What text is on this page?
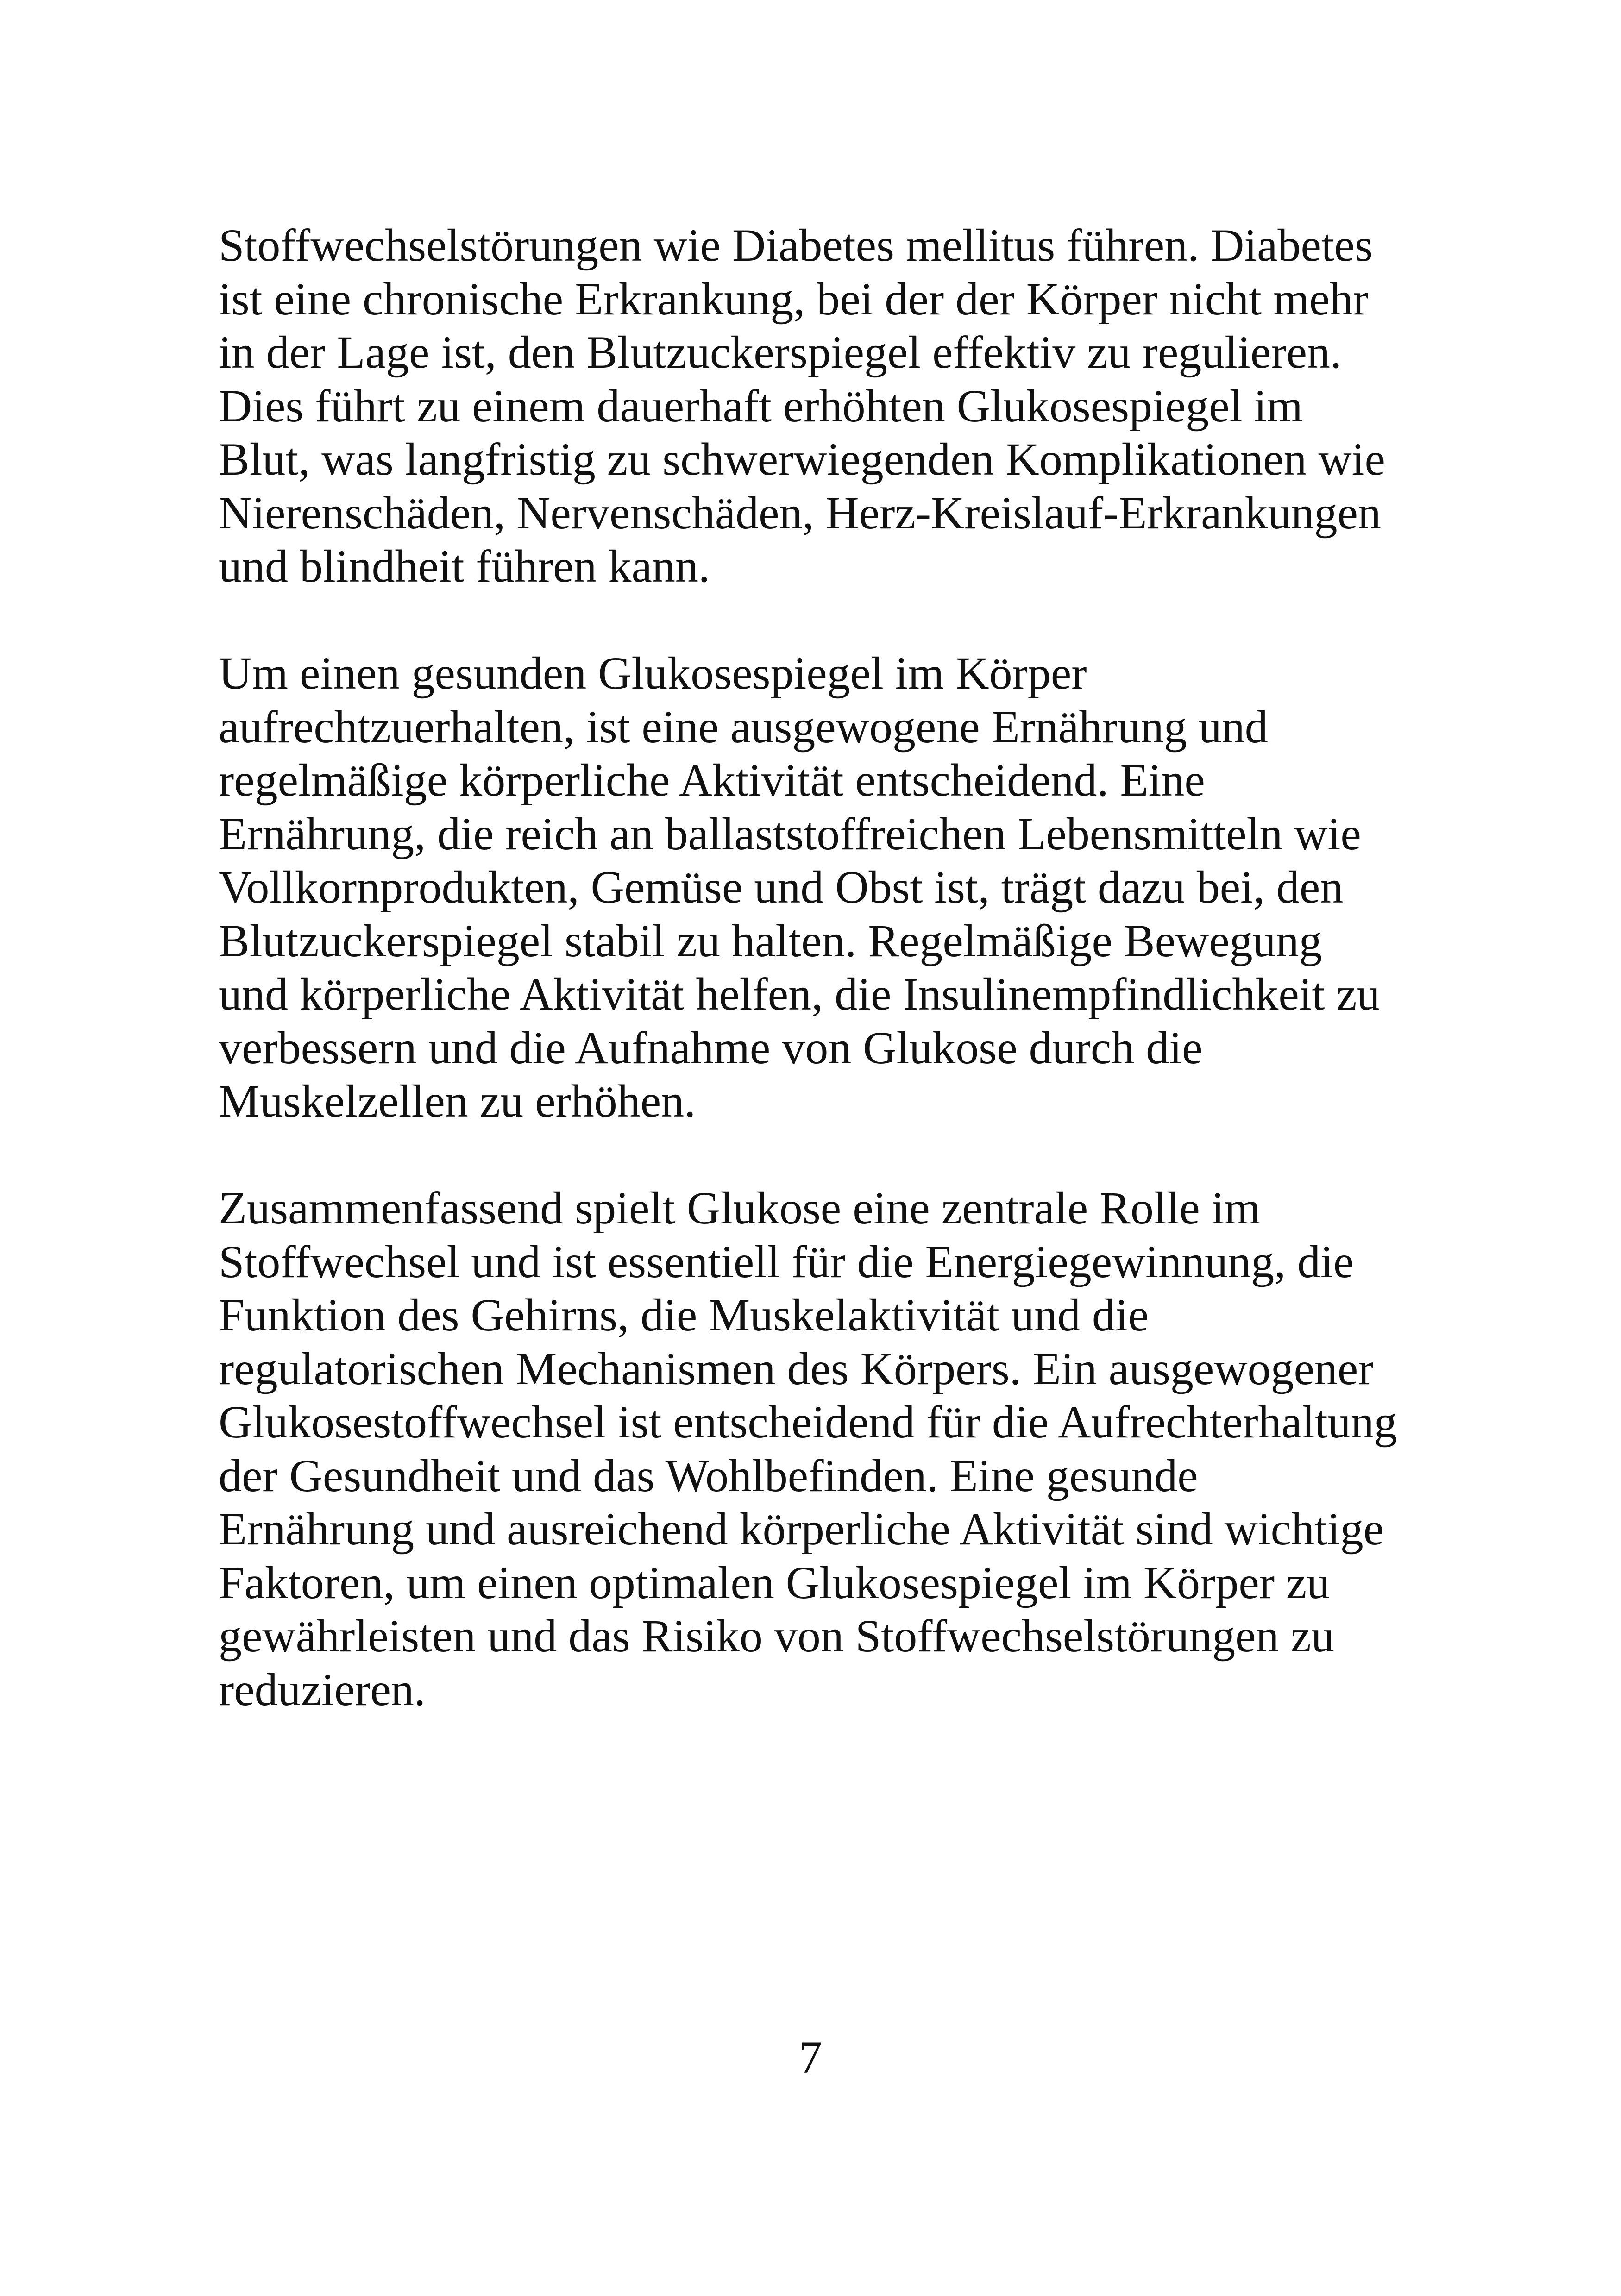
Stoffwechselstörungen wie Diabetes mellitus führen. Diabetes
ist eine chronische Erkrankung, bei der der Körper nicht mehr
in der Lage ist, den Blutzuckerspiegel effektiv zu regulieren.
Dies führt zu einem dauerhaft erhöhten Glukosespiegel im
Blut, was langfristig zu schwerwiegenden Komplikationen wie
Nierenschäden, Nervenschäden, Herz-Kreislauf-Erkrankungen
und blindheit führen kann.

Um einen gesunden Glukosespiegel im Körper
aufrechtzuerhalten, ist eine ausgewogene Ernährung und
regelmäßige körperliche Aktivität entscheidend. Eine
Ernährung, die reich an ballaststoffreichen Lebensmitteln wie
Vollkornprodukten, Gemüse und Obst ist, trägt dazu bei, den
Blutzuckerspiegel stabil zu halten. Regelmäßige Bewegung
und körperliche Aktivität helfen, die Insulinempfindlichkeit zu
verbessern und die Aufnahme von Glukose durch die
Muskelzellen zu erhöhen.

Zusammenfassend spielt Glukose eine zentrale Rolle im
Stoffwechsel und ist essentiell für die Energiegewinnung, die
Funktion des Gehirns, die Muskelaktivität und die
regulatorischen Mechanismen des Körpers. Ein ausgewogener
Glukosestoffwechsel ist entscheidend für die Aufrechterhaltung
der Gesundheit und das Wohlbefinden. Eine gesunde
Ernährung und ausreichend körperliche Aktivität sind wichtige
Faktoren, um einen optimalen Glukosespiegel im Körper zu
gewährleisten und das Risiko von Stoffwechselstörungen zu
reduzieren.

7
